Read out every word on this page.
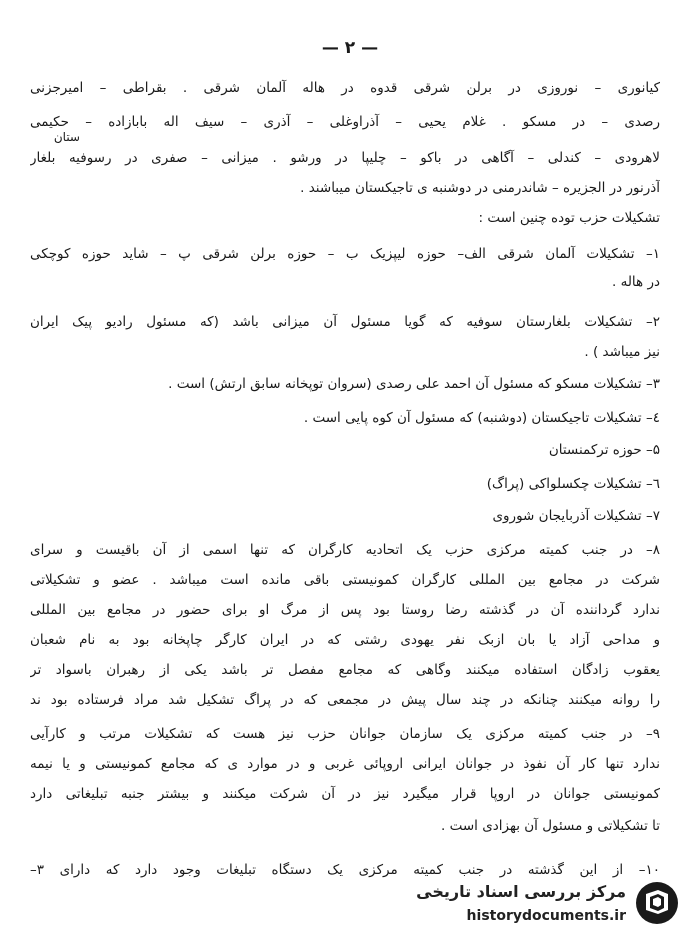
— ۲ —
ستان
کیانوری – نوروزی در برلن شرقی قدوه در هاله آلمان شرقی . بقراطی – امیرجزنی
رصدی – در مسکو . غلام یحیی – آذراوغلی – آذری – سیف اله بابازاده – حکیمی
لاهرودی – کندلی – آگاهی در باکو – چلیپا در ورشو . میزانی – صفری در رسوفیه بلغار
آذرنور در الجزیره – شاندرمنی در دوشنبه ی تاجیکستان میباشند .
تشکیلات حزب توده چنین است :
۱– تشکیلات آلمان شرقی الف– حوزه لیپزیک ب – حوزه برلن شرقی پ – شاید حوزه کوچکی
در هاله .
۲– تشکیلات بلغارستان سوفیه که گویا مسئول آن میزانی باشد (که مسئول رادیو پیک ایران
نیز میباشد ) .
۳– تشکیلات مسکو که مسئول آن احمد علی رصدی (سروان توپخانه سابق ارتش) است .
٤– تشکیلات تاجیکستان (دوشنبه) که مسئول آن کوه پایی است .
۵– حوزه ترکمنستان
٦– تشکیلات چکسلواکی (پراگ)
۷– تشکیلات آذربایجان شوروی
۸– در جنب کمیته مرکزی حزب یک اتحادیه کارگران که تنها اسمی از آن باقیست و سرای
شرکت در مجامع بین المللی کارگران کمونیستی باقی مانده است میباشد . عضو و تشکیلاتی
ندارد گرداننده آن در گذشته رضا روستا بود پس از مرگ او برای حضور در مجامع بین المللی
و مداحی آزاد یا بان ازبک نفر یهودی رشتی که در ایران کارگر چاپخانه بود به نام شعبان
یعقوب زادگان استفاده میکنند وگاهی که مجامع مفصل تر باشد یکی از رهبران باسواد تر
را روانه میکنند چنانکه در چند سال پیش در مجمعی که در پراگ تشکیل شد مراد فرستاده بود ند
۹– در جنب کمیته مرکزی یک سازمان جوانان حزب نیز هست که تشکیلات مرتب و کارآیی
ندارد تنها کار آن نفوذ در جوانان ایرانی اروپائی غربی و در موارد ی که مجامع کمونیستی و یا نیمه
کمونیستی جوانان در اروپا قرار میگیرد نیز در آن شرکت میکنند و بیشتر جنبه تبلیغاتی دارد
تا تشکیلاتی و مسئول آن بهزادی است .
۱۰– از این گذشته در جنب کمیته مرکزی یک دستگاه تبلیغات وجود دارد که دارای ۳–
مرکز بررسی اسناد تاریخی
historydocuments.ir
